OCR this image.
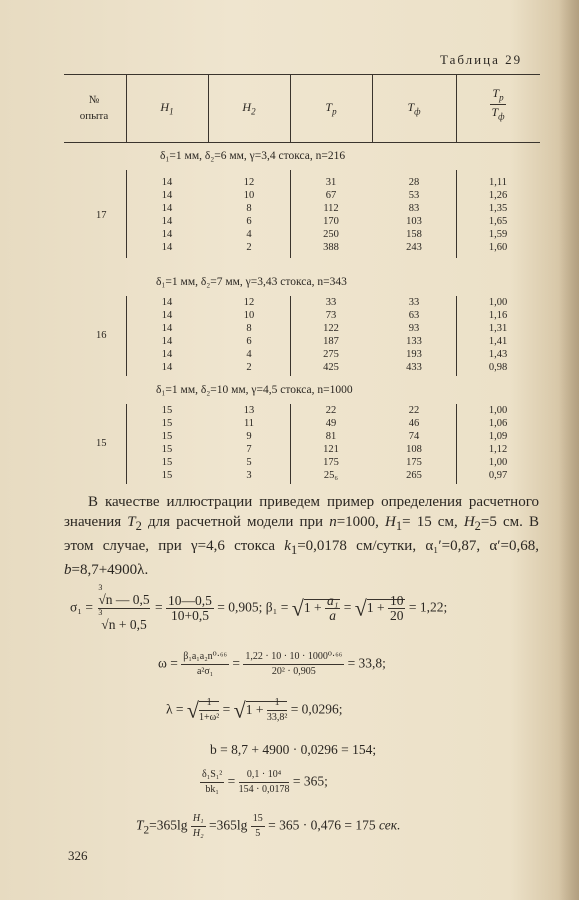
Таблица 29
№
опыта
$H_1$	$H_2$	$T_р$	$T_ф$	$\frac{T_р}{T_ф}$
δ₁=1 мм, δ₂=6 мм, γ=3,4 стокса, n=216
17
14	12	31	28	1,11
14	10	67	53	1,26
14	8	112	83	1,35
14	6	170	103	1,65
14	4	250	158	1,59
14	2	388	243	1,60
δ₁=1 мм, δ₂=7 мм, γ=3,43 стокса, n=343
16
14	12	33	33	1,00
14	10	73	63	1,16
14	8	122	93	1,31
14	6	187	133	1,41
14	4	275	193	1,43
14	2	425	433	0,98
δ₁=1 мм, δ₂=10 мм, γ=4,5 стокса, n=1000
15
15	13	22	22	1,00
15	11	49	46	1,06
15	9	81	74	1,09
15	7	121	108	1,12
15	5	175	175	1,00
15	3	25₆	265	0,97

В качестве иллюстрации приведем пример определения расчетного значения $T_2$ для расчетной модели при n=1000, $H_1= 15$ см, $H_2=5$ см. В этом случае, при γ=4,6 стокса $k_1=0,0178$ см/сутки, α₁′=0,87, α′=0,68, b=8,7+4900λ.

σ₁ =
3
√n — 0,5
3
√n + 0,5
= $\frac{10—0,5}{10+0,5} = 0,905$; $\beta_1 = √1 + \frac{\text{a₁}}{a} = √1 + \frac{10}{20} = 1,22$;
$\omega = \frac{\text{β₁a₁a₂n⁰·⁶⁶}}{\text{a²σ₁}} = \frac{\text{1,22 · 10 · 10 · 1000⁰·⁶⁶}}{\text{20² · 0,905}} = 33,8$;
λ = √ $\frac{1}{\text{1+ω²}} = √1 + \frac{1}{\text{33,8²}} = 0,0296$;
b = 8,7 + 4900 · 0,0296 = 154;
$\frac{\text{δ₁S₁²}}{\text{bk₁}} = \frac{\text{0,1 · 10⁴}}{154 \cdot 0,0178} = 365$;
$T_2=365\lg \frac{\text{H₁}}{\text{H₂}} =365\lg \frac{15}{5} = 365 \cdot 0,476 = 175$ сек.
326
